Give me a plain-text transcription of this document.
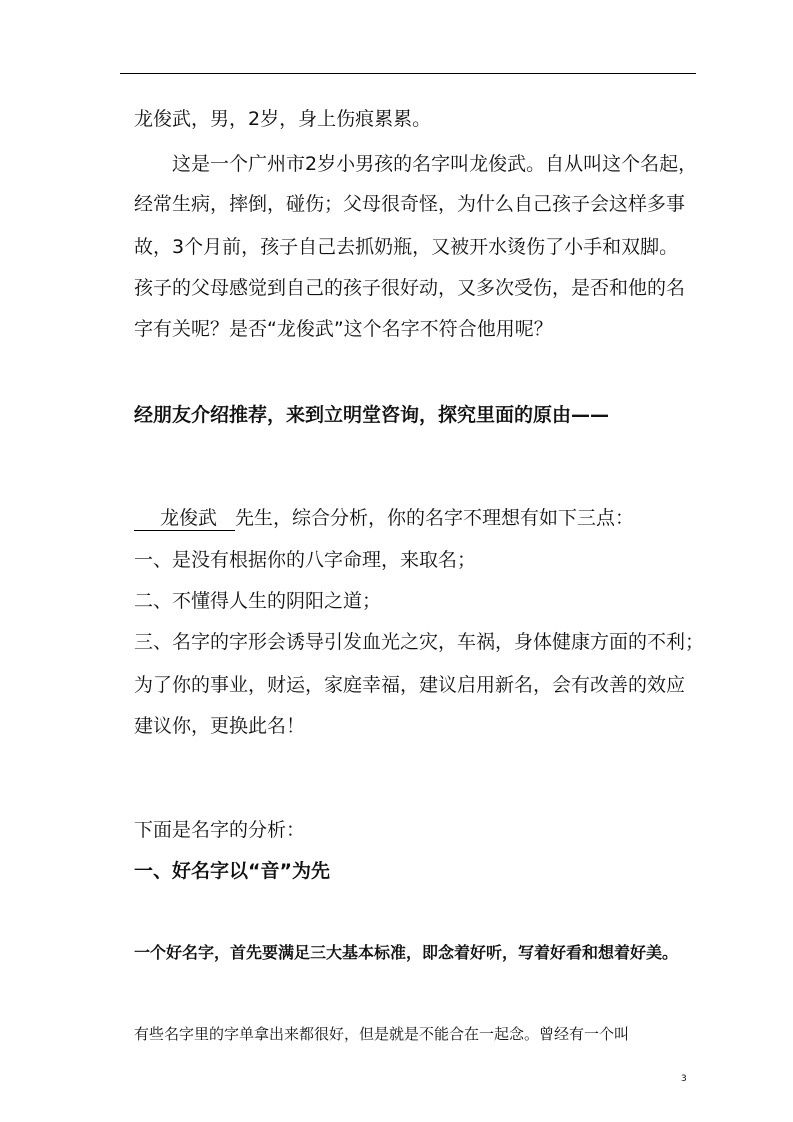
龙俊武，男，2岁，身上伤痕累累。
这是一个广州市2岁小男孩的名字叫龙俊武。自从叫这个名起，
经常生病，摔倒，碰伤；父母很奇怪，为什么自己孩子会这样多事
故，3个月前，孩子自己去抓奶瓶，又被开水烫伤了小手和双脚。
孩子的父母感觉到自己的孩子很好动，又多次受伤，是否和他的名
字有关呢？是否“龙俊武”这个名字不符合他用呢？
经朋友介绍推荐，来到立明堂咨询，探究里面的原由——
龙俊武 先生，综合分析，你的名字不理想有如下三点：
一、是没有根据你的八字命理，来取名；
二、不懂得人生的阴阳之道；
三、名字的字形会诱导引发血光之灾，车祸，身体健康方面的不利；
为了你的事业，财运，家庭幸福，建议启用新名，会有改善的效应
建议你，更换此名！
下面是名字的分析：
一、好名字以“音”为先
一个好名字，首先要满足三大基本标准，即念着好听，写着好看和想着好美。
有些名字里的字单拿出来都很好，但是就是不能合在一起念。曾经有一个叫
3
